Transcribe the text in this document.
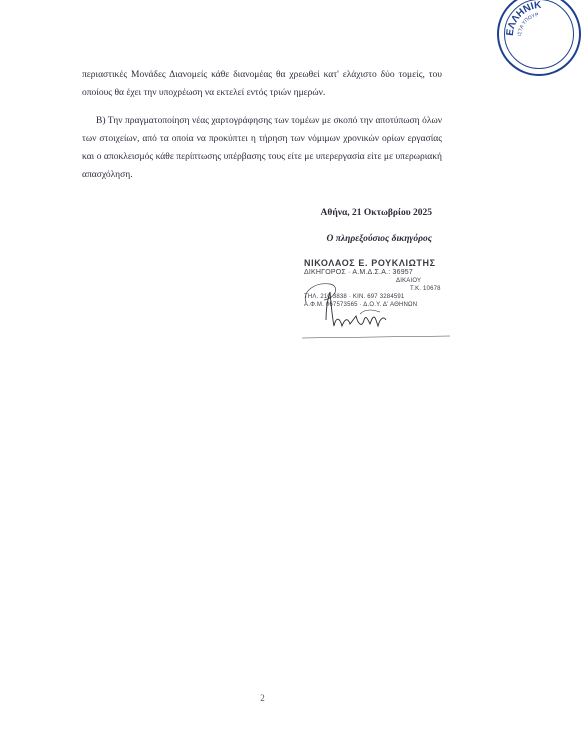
ΕΛΛΗΝΙΚ
ΙΣΤΑ ΥΠΟΥΡ

περιαστικές Μονάδες Διανομείς κάθε διανομέας θα χρεωθεί κατ' ελάχιστο δύο τομείς, του οποίους θα έχει την υποχρέωση να εκτελεί εντός τριών ημερών.

Β) Την πραγματοποίηση νέας χαρτογράφησης των τομέων με σκοπό την αποτύπωση όλων των στοιχείων, από τα οποία να προκύπτει η τήρηση των νόμιμων χρονικών ορίων εργασίας και ο αποκλεισμός κάθε περίπτωσης υπέρβασης τους είτε με υπερεργασία είτε με υπερωριακή απασχόληση.

Αθήνα, 21 Οκτωβρίου 2025
Ο πληρεξούσιος δικηγόρος
ΝΙΚΟΛΑΟΣ Ε. ΡΟΥΚΛΙΩΤΗΣ
ΔΙΚΗΓΟΡΟΣ · Α.Μ.Δ.Σ.Α.: 36957
ΔΙΚΑΙΟΥ
Τ.Κ. 10678
ΤΗΛ. 210 3838 · ΚΙΝ. 697 3284591
Α.Φ.Μ. 067573565 · Δ.Ο.Υ. Δ' ΑΘΗΝΩΝ
2
